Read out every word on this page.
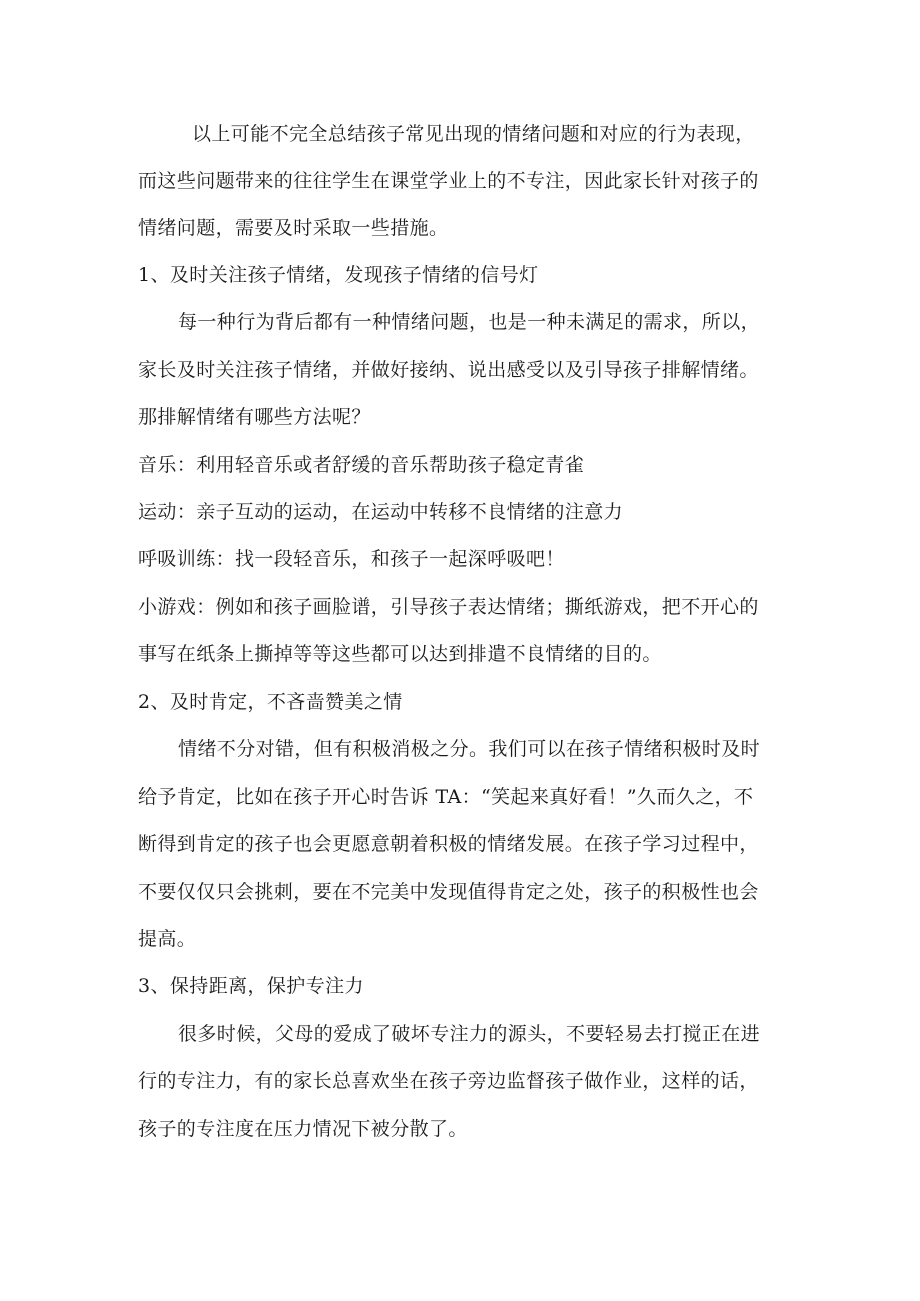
以上可能不完全总结孩子常见出现的情绪问题和对应的行为表现，
而这些问题带来的往往学生在课堂学业上的不专注，因此家长针对孩子的
情绪问题，需要及时采取一些措施。
1、及时关注孩子情绪，发现孩子情绪的信号灯
每一种行为背后都有一种情绪问题，也是一种未满足的需求，所以，
家长及时关注孩子情绪，并做好接纳、说出感受以及引导孩子排解情绪。
那排解情绪有哪些方法呢？
音乐：利用轻音乐或者舒缓的音乐帮助孩子稳定青雀
运动：亲子互动的运动，在运动中转移不良情绪的注意力
呼吸训练：找一段轻音乐，和孩子一起深呼吸吧！
小游戏：例如和孩子画脸谱，引导孩子表达情绪；撕纸游戏，把不开心的
事写在纸条上撕掉等等这些都可以达到排遣不良情绪的目的。
2、及时肯定，不吝啬赞美之情
情绪不分对错，但有积极消极之分。我们可以在孩子情绪积极时及时
给予肯定，比如在孩子开心时告诉 TA：“笑起来真好看！”久而久之，不
断得到肯定的孩子也会更愿意朝着积极的情绪发展。在孩子学习过程中，
不要仅仅只会挑刺，要在不完美中发现值得肯定之处，孩子的积极性也会
提高。
3、保持距离，保护专注力
很多时候，父母的爱成了破坏专注力的源头，不要轻易去打搅正在进
行的专注力，有的家长总喜欢坐在孩子旁边监督孩子做作业，这样的话，
孩子的专注度在压力情况下被分散了。
